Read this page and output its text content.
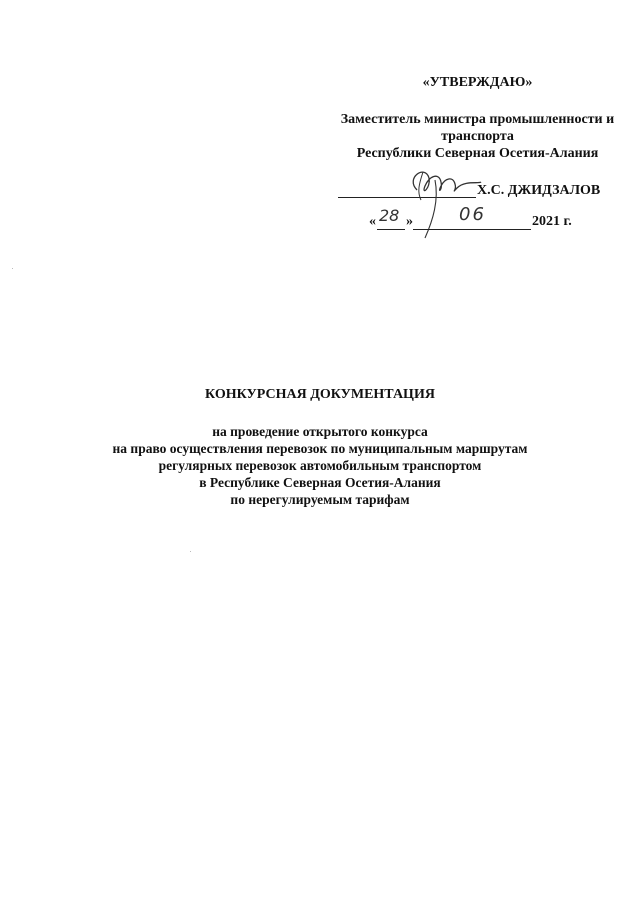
«УТВЕРЖДАЮ»
Заместитель министра промышленности и
транспорта
Республики Северная Осетия-Алания
Х.С. ДЖИДЗАЛОВ
« 28 »	06	2021 г.
КОНКУРСНАЯ ДОКУМЕНТАЦИЯ
на проведение открытого конкурса
на право осуществления перевозок по муниципальным маршрутам
регулярных перевозок автомобильным транспортом
в Республике Северная Осетия-Алания
по нерегулируемым тарифам
